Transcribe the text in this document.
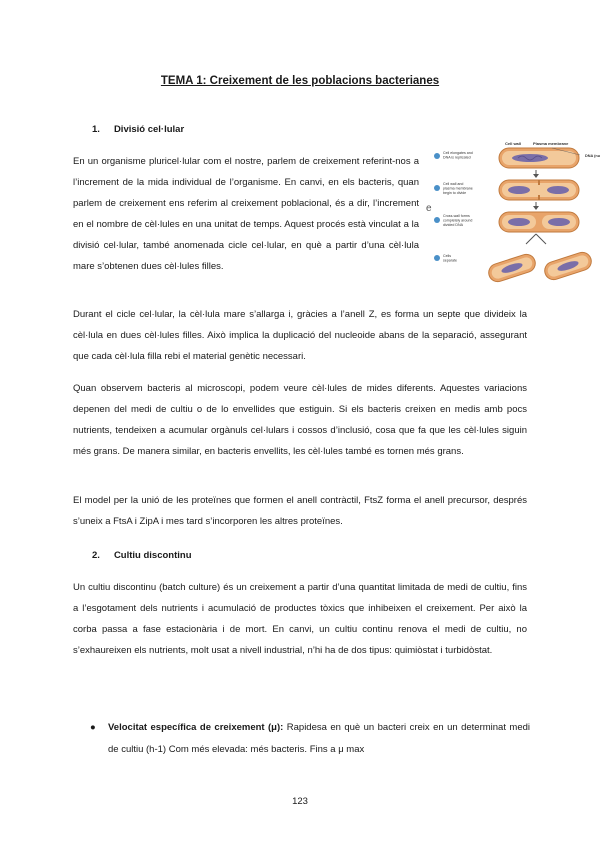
TEMA 1: Creixement de les poblacions bacterianes
1. Divisió cel·lular
En un organisme pluricel·lular com el nostre, parlem de creixement referint-nos a l’increment de la mida individual de l’organisme. En canvi, en els bacteris, quan parlem de creixement ens referim al creixement poblacional, és a dir, l’increment en el nombre de cèl·lules en una unitat de temps. Aquest procés està vinculat a la divisió cel·lular, també anomenada cicle cel·lular, en què a partir d’una cèl·lula mare s’obtenen dues cèl·lules filles.
Cell wall	Plasma membrane
DNA (nu
Cell elongates and DNA is replicated
Cell wall and plasma membrane begin to divide
Cross-wall forms completely around divided DNA
Cells separate
e
Durant el cicle cel·lular, la cèl·lula mare s’allarga i, gràcies a l’anell Z, es forma un septe que divideix la cèl·lula en dues cèl·lules filles. Això implica la duplicació del nucleoide abans de la separació, assegurant que cada cèl·lula filla rebi el material genètic necessari.
Quan observem bacteris al microscopi, podem veure cèl·lules de mides diferents. Aquestes variacions depenen del medi de cultiu o de lo envellides que estiguin. Si els bacteris creixen en medis amb pocs nutrients, tendeixen a acumular orgànuls cel·lulars i cossos d’inclusió, cosa que fa que les cèl·lules siguin més grans. De manera similar, en bacteris envellits, les cèl·lules també es tornen més grans.
El model per la unió de les proteïnes que formen el anell contràctil, FtsZ forma el anell precursor, després s’uneix a FtsA i ZipA i mes tard s’incorporen les altres proteïnes.
2. Cultiu discontinu
Un cultiu discontinu (batch culture) és un creixement a partir d’una quantitat limitada de medi de cultiu, fins a l’esgotament dels nutrients i acumulació de productes tòxics que inhibeixen el creixement. Per això la corba passa a fase estacionària i de mort. En canvi, un cultiu continu renova el medi de cultiu, no s’exhaureixen els nutrients, molt usat a nivell industrial, n’hi ha de dos tipus: quimiòstat i turbidòstat.
● Velocitat específica de creixement (μ): Rapidesa en què un bacteri creix en un determinat medi de cultiu (h-1) Com més elevada: més bacteris. Fins a μ max
123
